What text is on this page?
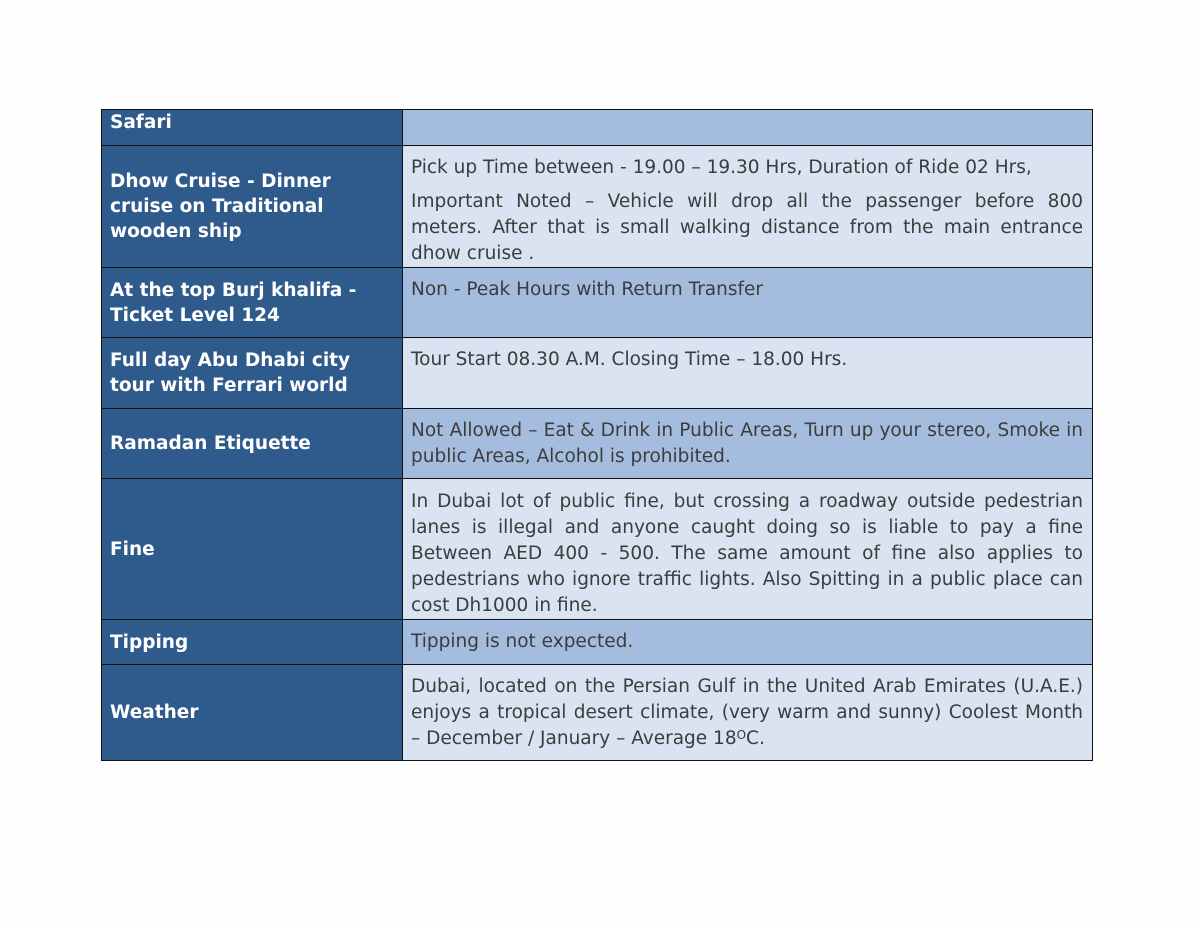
Safari	
Dhow Cruise - Dinner cruise on Traditional wooden ship	Pick up Time between - 19.00 – 19.30 Hrs, Duration of Ride 02 Hrs,

Important Noted – Vehicle will drop all the passenger before 800 meters. After that is small walking distance from the main entrance dhow cruise .

At the top Burj khalifa - Ticket Level 124	Non - Peak Hours with Return Transfer

Full day Abu Dhabi city tour with Ferrari world	Tour Start 08.30 A.M. Closing Time – 18.00 Hrs.

Ramadan Etiquette	Not Allowed – Eat & Drink in Public Areas, Turn up your stereo, Smoke in public Areas, Alcohol is prohibited.

Fine	In Dubai lot of public fine, but crossing a roadway outside pedestrian lanes is illegal and anyone caught doing so is liable to pay a fine Between AED 400 - 500. The same amount of fine also applies to pedestrians who ignore traffic lights. Also Spitting in a public place can cost Dh1000 in fine.

Tipping	Tipping is not expected.

Weather	Dubai, located on the Persian Gulf in the United Arab Emirates (U.A.E.) enjoys a tropical desert climate, (very warm and sunny) Coolest Month – December / January – Average $18^OC$.
